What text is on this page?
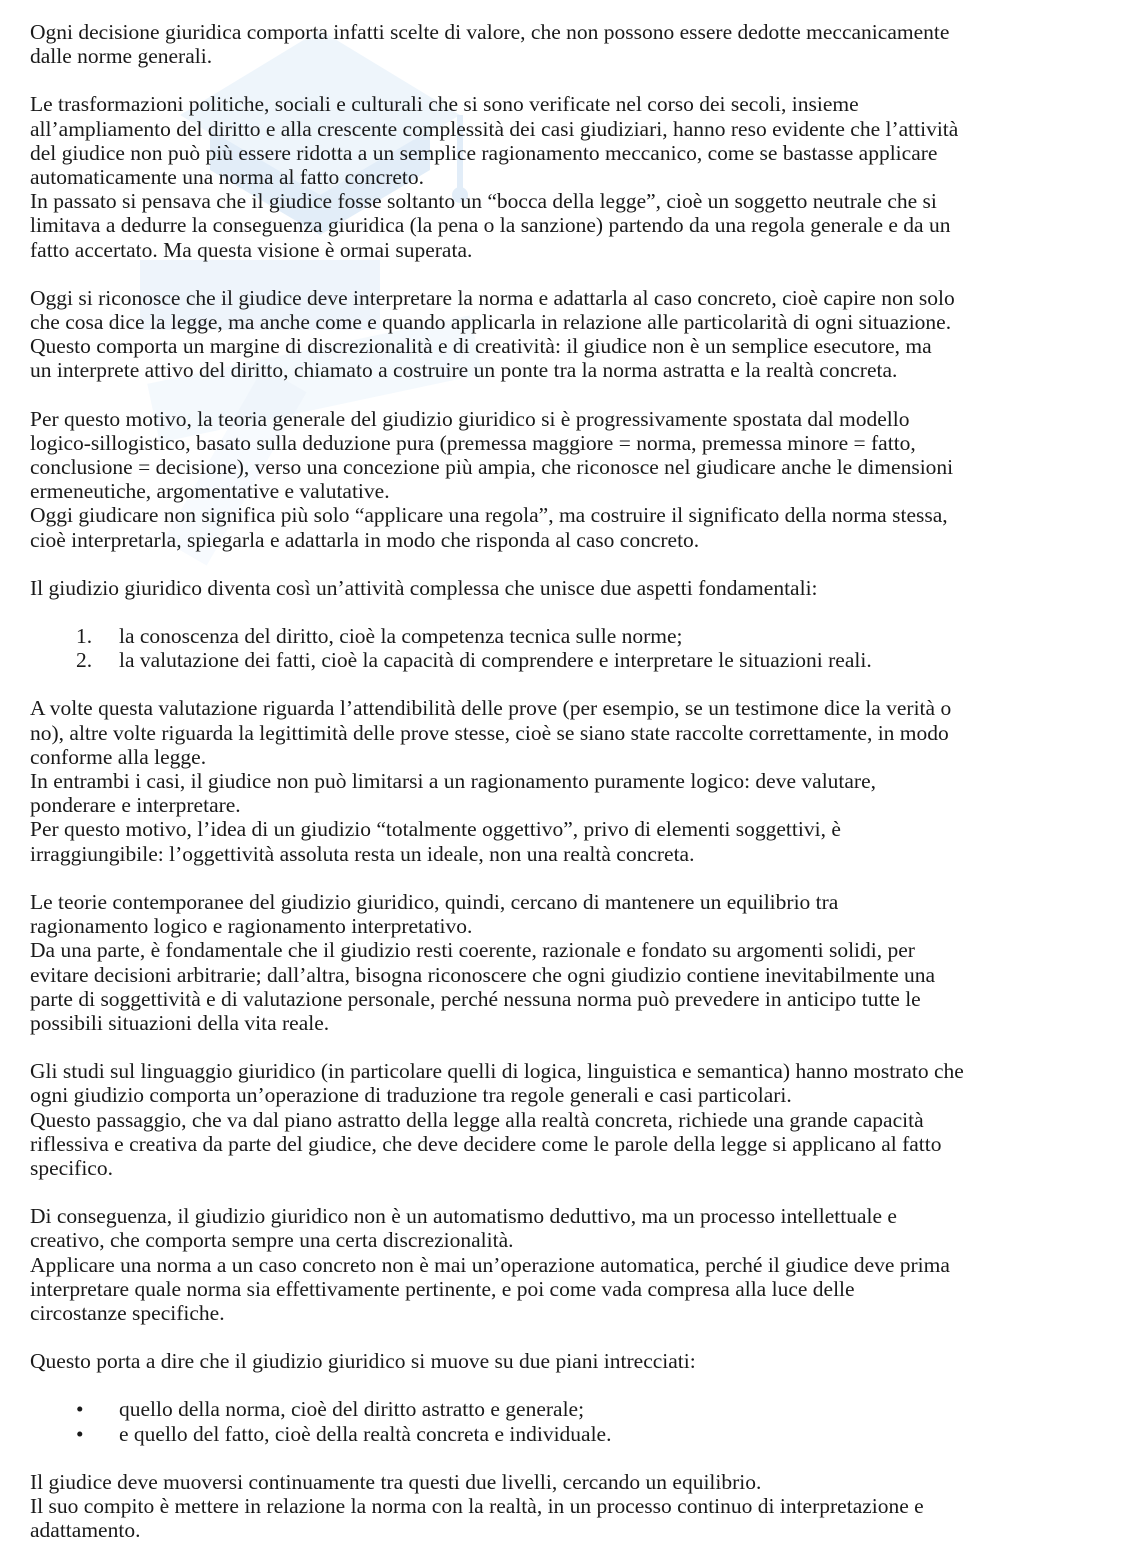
Ogni decisione giuridica comporta infatti scelte di valore, che non possono essere dedotte meccanicamente
dalle norme generali.

Le trasformazioni politiche, sociali e culturali che si sono verificate nel corso dei secoli, insieme
all’ampliamento del diritto e alla crescente complessità dei casi giudiziari, hanno reso evidente che l’attività
del giudice non può più essere ridotta a un semplice ragionamento meccanico, come se bastasse applicare
automaticamente una norma al fatto concreto.
In passato si pensava che il giudice fosse soltanto un “bocca della legge”, cioè un soggetto neutrale che si
limitava a dedurre la conseguenza giuridica (la pena o la sanzione) partendo da una regola generale e da un
fatto accertato. Ma questa visione è ormai superata.

Oggi si riconosce che il giudice deve interpretare la norma e adattarla al caso concreto, cioè capire non solo
che cosa dice la legge, ma anche come e quando applicarla in relazione alle particolarità di ogni situazione.
Questo comporta un margine di discrezionalità e di creatività: il giudice non è un semplice esecutore, ma
un interprete attivo del diritto, chiamato a costruire un ponte tra la norma astratta e la realtà concreta.

Per questo motivo, la teoria generale del giudizio giuridico si è progressivamente spostata dal modello
logico-sillogistico, basato sulla deduzione pura (premessa maggiore = norma, premessa minore = fatto,
conclusione = decisione), verso una concezione più ampia, che riconosce nel giudicare anche le dimensioni
ermeneutiche, argomentative e valutative.
Oggi giudicare non significa più solo “applicare una regola”, ma costruire il significato della norma stessa,
cioè interpretarla, spiegarla e adattarla in modo che risponda al caso concreto.

Il giudizio giuridico diventa così un’attività complessa che unisce due aspetti fondamentali:

1.	la conoscenza del diritto, cioè la competenza tecnica sulle norme;
2.	la valutazione dei fatti, cioè la capacità di comprendere e interpretare le situazioni reali.

A volte questa valutazione riguarda l’attendibilità delle prove (per esempio, se un testimone dice la verità o
no), altre volte riguarda la legittimità delle prove stesse, cioè se siano state raccolte correttamente, in modo
conforme alla legge.
In entrambi i casi, il giudice non può limitarsi a un ragionamento puramente logico: deve valutare,
ponderare e interpretare.
Per questo motivo, l’idea di un giudizio “totalmente oggettivo”, privo di elementi soggettivi, è
irraggiungibile: l’oggettività assoluta resta un ideale, non una realtà concreta.

Le teorie contemporanee del giudizio giuridico, quindi, cercano di mantenere un equilibrio tra
ragionamento logico e ragionamento interpretativo.
Da una parte, è fondamentale che il giudizio resti coerente, razionale e fondato su argomenti solidi, per
evitare decisioni arbitrarie; dall’altra, bisogna riconoscere che ogni giudizio contiene inevitabilmente una
parte di soggettività e di valutazione personale, perché nessuna norma può prevedere in anticipo tutte le
possibili situazioni della vita reale.

Gli studi sul linguaggio giuridico (in particolare quelli di logica, linguistica e semantica) hanno mostrato che
ogni giudizio comporta un’operazione di traduzione tra regole generali e casi particolari.
Questo passaggio, che va dal piano astratto della legge alla realtà concreta, richiede una grande capacità
riflessiva e creativa da parte del giudice, che deve decidere come le parole della legge si applicano al fatto
specifico.

Di conseguenza, il giudizio giuridico non è un automatismo deduttivo, ma un processo intellettuale e
creativo, che comporta sempre una certa discrezionalità.
Applicare una norma a un caso concreto non è mai un’operazione automatica, perché il giudice deve prima
interpretare quale norma sia effettivamente pertinente, e poi come vada compresa alla luce delle
circostanze specifiche.

Questo porta a dire che il giudizio giuridico si muove su due piani intrecciati:

•	quello della norma, cioè del diritto astratto e generale;
•	e quello del fatto, cioè della realtà concreta e individuale.

Il giudice deve muoversi continuamente tra questi due livelli, cercando un equilibrio.
Il suo compito è mettere in relazione la norma con la realtà, in un processo continuo di interpretazione e
adattamento.
